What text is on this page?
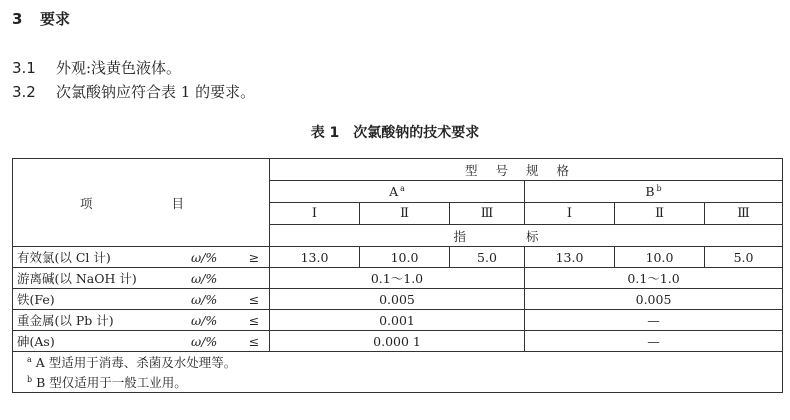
3 要求
3.1 外观:浅黄色液体。
3.2 次氯酸钠应符合表 1 的要求。
表 1　次氯酸钠的技术要求
项　　目	型号规格					
	A $^a$			B $^b$
	Ⅰ	Ⅱ	Ⅲ	Ⅰ	Ⅱ	Ⅲ
	指标					

有效氯(以 Cl 计) ω/% ≥	13.0	10.0	5.0	13.0	10.0	5.0

游离碱(以 NaOH 计) ω/%	0.1～1.0			0.1～1.0		

铁(Fe) ω/% ≤	0.005			0.005		

重金属(以 Pb 计) ω/% ≤	0.001			—		

砷(As) ω/% ≤	0.000 1			—		
$^a$ A 型适用于消毒、杀菌及水处理等。						
$^b$ B 型仅适用于一般工业用。						
